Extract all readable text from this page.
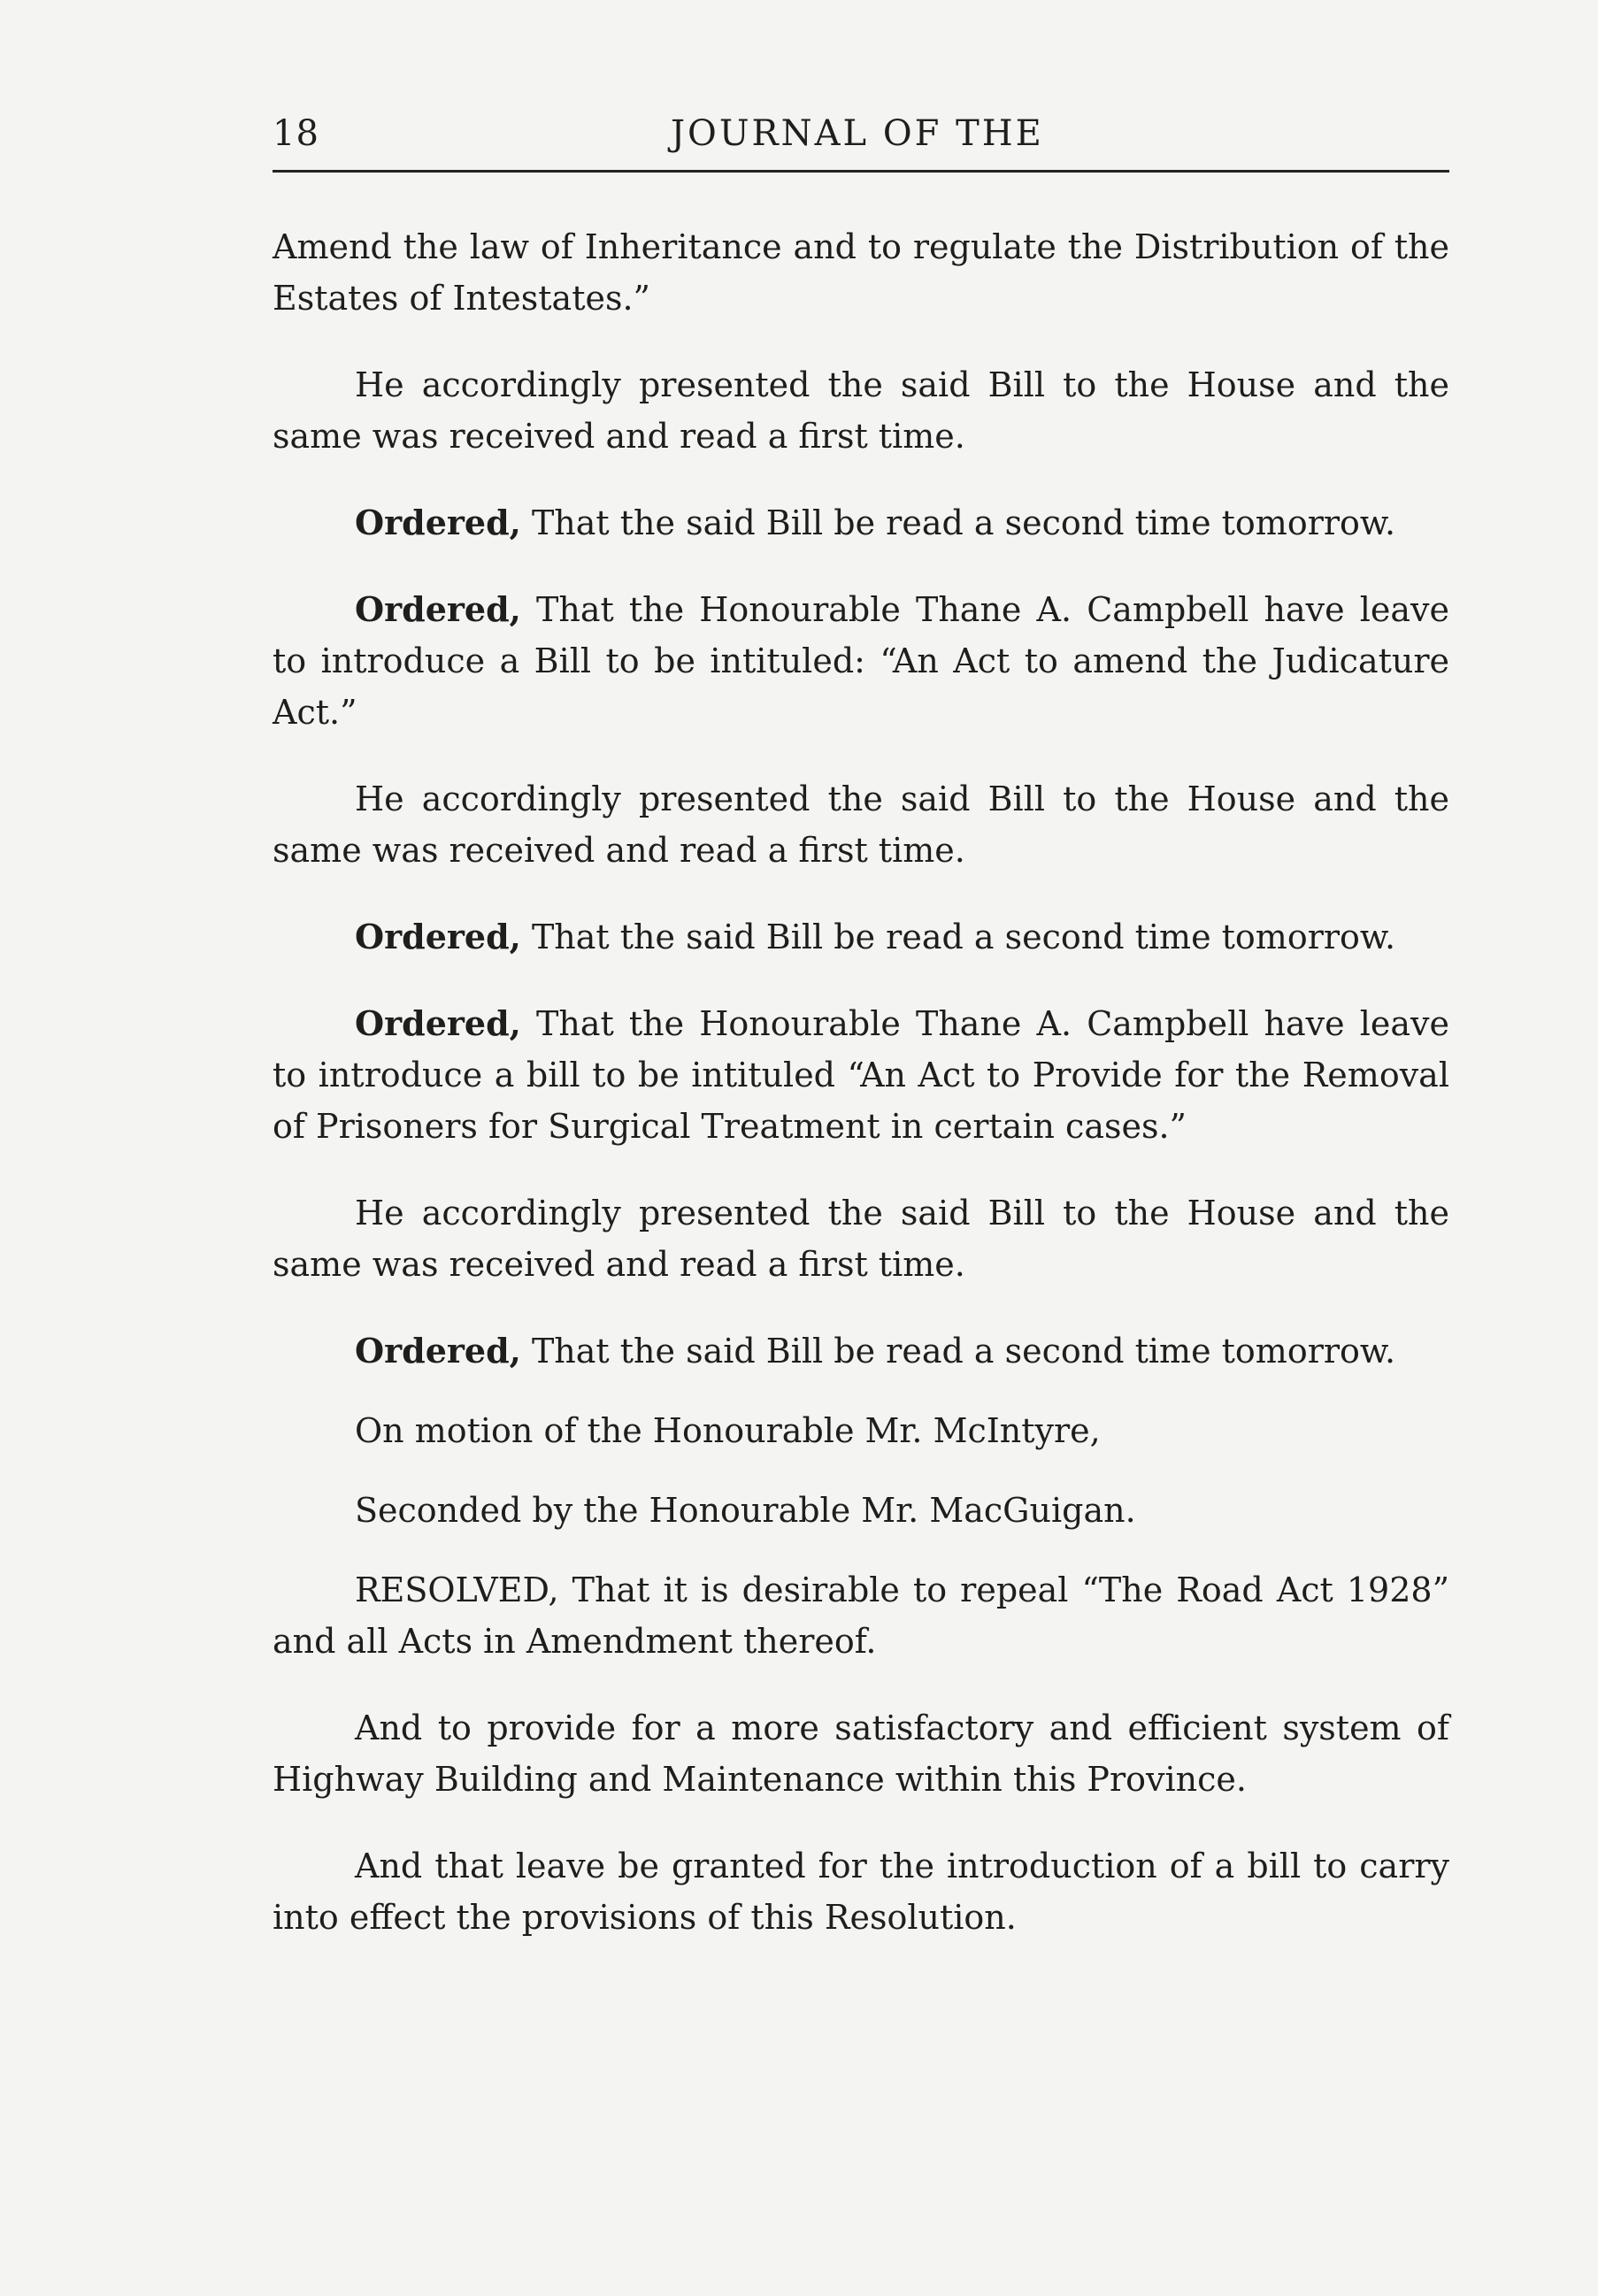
18	JOURNAL OF THE

Amend the law of Inheritance and to regulate the Distribution of the Estates of Intestates.”

He accordingly presented the said Bill to the House and the same was received and read a first time.

Ordered, That the said Bill be read a second time tomorrow.

Ordered, That the Honourable Thane A. Campbell have leave to introduce a Bill to be intituled: “An Act to amend the Judicature Act.”

He accordingly presented the said Bill to the House and the same was received and read a first time.

Ordered, That the said Bill be read a second time tomorrow.

Ordered, That the Honourable Thane A. Campbell have leave to introduce a bill to be intituled “An Act to Provide for the Removal of Prisoners for Surgical Treatment in certain cases.”

He accordingly presented the said Bill to the House and the same was received and read a first time.

Ordered, That the said Bill be read a second time tomorrow.

On motion of the Honourable Mr. McIntyre,

Seconded by the Honourable Mr. MacGuigan.

RESOLVED, That it is desirable to repeal “The Road Act 1928” and all Acts in Amendment thereof.

And to provide for a more satisfactory and efficient system of Highway Building and Maintenance within this Province.

And that leave be granted for the introduction of a bill to carry into effect the provisions of this Resolution.
